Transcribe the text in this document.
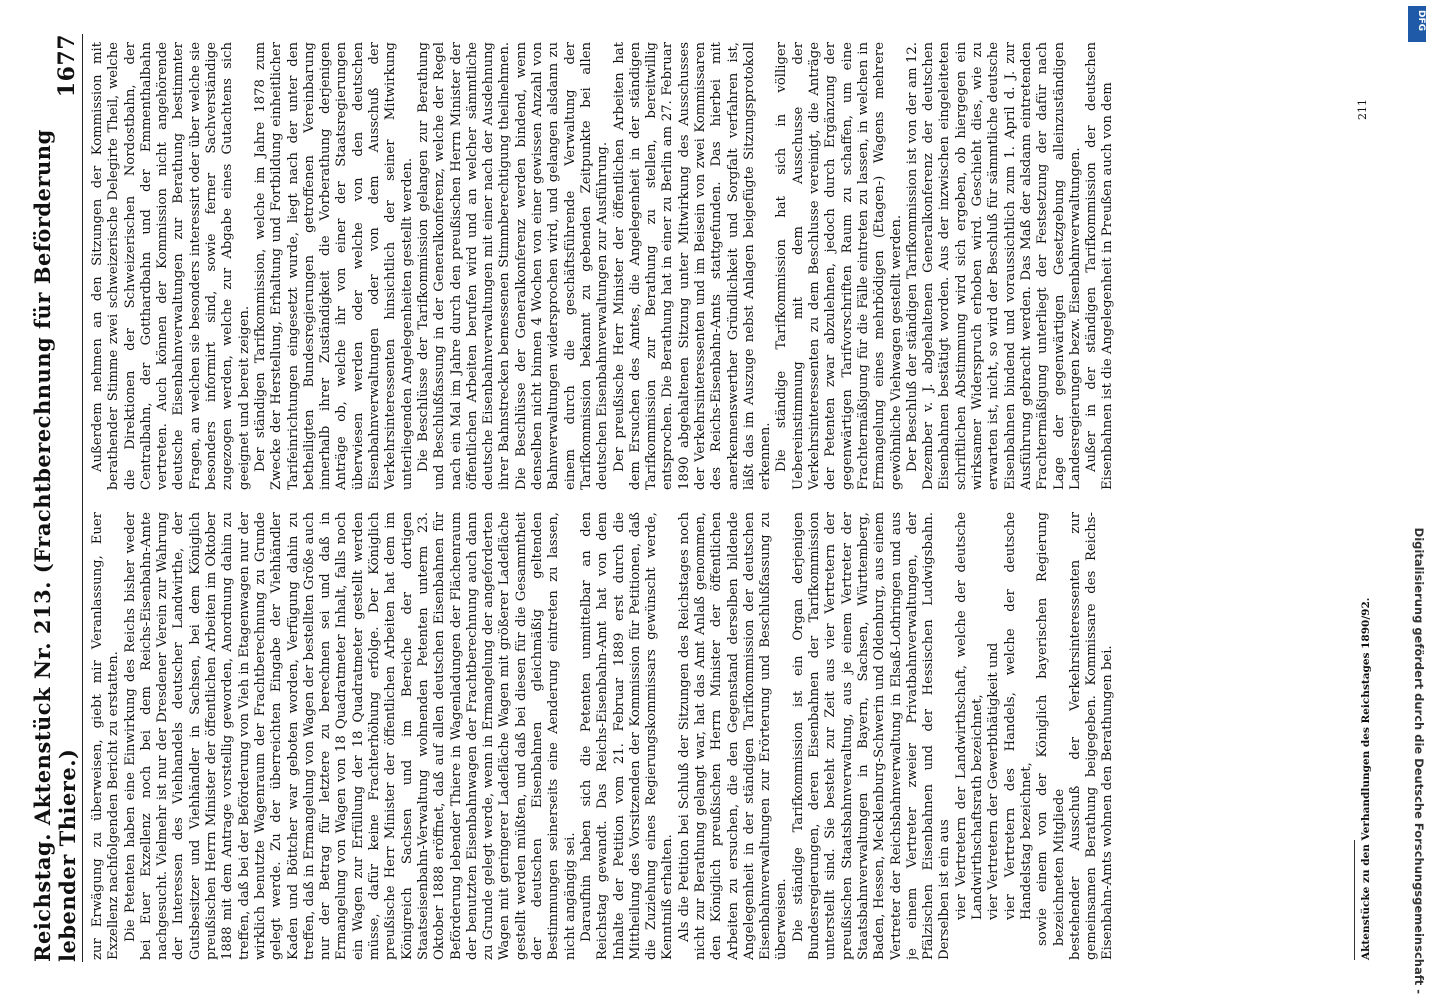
Reichstag. Aktenstück Nr. 213. (Frachtberechnung für Beförderung lebender Thiere.)
1677

zur Erwägung zu überweisen, giebt mir Veranlassung, Euer Exzellenz nachfolgenden Bericht zu erstatten. Die Petenten haben eine Einwirkung des Reichs bisher weder bei Euer Exzellenz noch bei dem Reichs-Eisenbahn-Amte nachgesucht. Vielmehr ist nur der Dresdener Verein zur Wahrung der Interessen des Viehhandels deutscher Landwirthe, der Gutsbesitzer und Viehhändler in Sachsen, bei dem Königlich preußischen Herrn Minister der öffentlichen Arbeiten im Oktober 1888 mit dem Antrage vorstellig geworden, Anordnung dahin zu treffen, daß bei der Beförderung von Vieh in Etagenwagen nur der wirklich benutzte Wagenraum der Frachtberechnung zu Grunde gelegt werde. Zu der überreichten Eingabe der Viehhändler Kaden und Böttcher war geboten worden, Verfügung dahin zu treffen, daß in Ermangelung von Wagen der bestellten Größe auch nur der Betrag für letztere zu berechnen sei und daß in Ermangelung von Wagen von 18 Quadratmeter Inhalt, falls noch ein Wagen zur Erfüllung der 18 Quadratmeter gestellt werden müsse, dafür keine Frachterhöhung erfolge. Der Königlich preußische Herr Minister der öffentlichen Arbeiten hat dem im Königreich Sachsen und im Bereiche der dortigen Staatseisenbahn-Verwaltung wohnenden Petenten unterm 23. Oktober 1888 eröffnet, daß auf allen deutschen Eisenbahnen für Beförderung lebender Thiere in Wagenladungen der Flächenraum der benutzten Eisenbahnwagen der Frachtberechnung auch dann zu Grunde gelegt werde, wenn in Ermangelung der angeforderten Wagen mit geringerer Ladefläche Wagen mit größerer Ladefläche gestellt werden müßten, und daß bei diesen für die Gesammtheit der deutschen Eisenbahnen gleichmäßig geltenden Bestimmungen seinerseits eine Aenderung eintreten zu lassen, nicht angängig sei. Daraufhin haben sich die Petenten unmittelbar an den Reichstag gewandt. Das Reichs-Eisenbahn-Amt hat von dem Inhalte der Petition vom 21. Februar 1889 erst durch die Mittheilung des Vorsitzenden der Kommission für Petitionen, daß die Zuziehung eines Regierungskommissars gewünscht werde, Kenntniß erhalten. Als die Petition bei Schluß der Sitzungen des Reichstages noch nicht zur Berathung gelangt war, hat das Amt Anlaß genommen, den Königlich preußischen Herrn Minister der öffentlichen Arbeiten zu ersuchen, die den Gegenstand derselben bildende Angelegenheit in der ständigen Tarifkommission der deutschen Eisenbahnverwaltungen zur Erörterung und Beschlußfassung zu überweisen. Die ständige Tarifkommission ist ein Organ derjenigen Bundesregierungen, deren Eisenbahnen der Tarifkommission unterstellt sind. Sie besteht zur Zeit aus vier Vertretern der preußischen Staatsbahnverwaltung, aus je einem Vertreter der Staatsbahnverwaltungen in Bayern, Sachsen, Württemberg, Baden, Hessen, Mecklenburg-Schwerin und Oldenburg, aus einem Vertreter der Reichsbahnverwaltung in Elsaß-Lothringen und aus je einem Vertreter zweier Privatbahnverwaltungen, der Pfälzischen Eisenbahnen und der Hessischen Ludwigsbahn. Derselben ist ein aus vier Vertretern der Landwirthschaft, welche der deutsche Landwirthschaftsrath bezeichnet, vier Vertretern der Gewerbthätigkeit und vier Vertretern des Handels, welche der deutsche Handelstag bezeichnet, sowie einem von der Königlich bayerischen Regierung bezeichneten Mitgliede bestehender Ausschuß der Verkehrsinteressenten zur gemeinsamen Berathung beigegeben. Kommissare des Reichs-Eisenbahn-Amts wohnen den Berathungen bei.

Außerdem nehmen an den Sitzungen der Kommission mit berathender Stimme zwei schweizerische Delegirte Theil, welche die Direktionen der Schweizerischen Nordostbahn, der Centralbahn, der Gotthardbahn und der Emmenthalbahn vertreten. Auch können der Kommission nicht angehörende deutsche Eisenbahnverwaltungen zur Berathung bestimmter Fragen, an welchen sie besonders interessirt oder über welche sie besonders informirt sind, sowie ferner Sachverständige zugezogen werden, welche zur Abgabe eines Gutachtens sich geeignet und bereit zeigen. Der ständigen Tarifkommission, welche im Jahre 1878 zum Zwecke der Herstellung, Erhaltung und Fortbildung einheitlicher Tarifeinrichtungen eingesetzt wurde, liegt nach der unter den betheiligten Bundesregierungen getroffenen Vereinbarung innerhalb ihrer Zuständigkeit die Vorberathung derjenigen Anträge ob, welche ihr von einer der Staatsregierungen überwiesen werden oder welche von den deutschen Eisenbahnverwaltungen oder von dem Ausschuß der Verkehrsinteressenten hinsichtlich der seiner Mitwirkung unterliegenden Angelegenheiten gestellt werden. Die Beschlüsse der Tarifkommission gelangen zur Berathung und Beschlußfassung in der Generalkonferenz, welche der Regel nach ein Mal im Jahre durch den preußischen Herrn Minister der öffentlichen Arbeiten berufen wird und an welcher sämmtliche deutsche Eisenbahnverwaltungen mit einer nach der Ausdehnung ihrer Bahnstrecken bemessenen Stimmberechtigung theilnehmen. Die Beschlüsse der Generalkonferenz werden bindend, wenn denselben nicht binnen 4 Wochen von einer gewissen Anzahl von Bahnverwaltungen widersprochen wird, und gelangen alsdann zu einem durch die geschäftsführende Verwaltung der Tarifkommission bekannt zu gebenden Zeitpunkte bei allen deutschen Eisenbahnverwaltungen zur Ausführung. Der preußische Herr Minister der öffentlichen Arbeiten hat dem Ersuchen des Amtes, die Angelegenheit in der ständigen Tarifkommission zur Berathung zu stellen, bereitwillig entsprochen. Die Berathung hat in einer zu Berlin am 27. Februar 1890 abgehaltenen Sitzung unter Mitwirkung des Ausschusses der Verkehrsinteressenten und im Beisein von zwei Kommissaren des Reichs-Eisenbahn-Amts stattgefunden. Das hierbei mit anerkennenswerther Gründlichkeit und Sorgfalt verfahren ist, läßt das im Auszuge nebst Anlagen beigefügte Sitzungsprotokoll erkennen. Die ständige Tarifkommission hat sich in völliger Uebereinstimmung mit dem Ausschusse der Verkehrsinteressenten zu dem Beschlusse vereinigt, die Anträge der Petenten zwar abzulehnen, jedoch durch Ergänzung der gegenwärtigen Tarifvorschriften Raum zu schaffen, um eine Frachtermäßigung für die Fälle eintreten zu lassen, in welchen in Ermangelung eines mehrbödigen (Etagen-) Wagens mehrere gewöhnliche Viehwagen gestellt werden. Der Beschluß der ständigen Tarifkommission ist von der am 12. Dezember v. J. abgehaltenen Generalkonferenz der deutschen Eisenbahnen bestätigt worden. Aus der inzwischen eingeleiteten schriftlichen Abstimmung wird sich ergeben, ob hiergegen ein wirksamer Widerspruch erhoben wird. Geschieht dies, wie zu erwarten ist, nicht, so wird der Beschluß für sämmtliche deutsche Eisenbahnen bindend und voraussichtlich zum 1. April d. J. zur Ausführung gebracht werden. Das Maß der alsdann eintretenden Frachtermäßigung unterliegt der Festsetzung der dafür nach Lage der gegenwärtigen Gesetzgebung alleinzuständigen Landesregierungen bezw. Eisenbahnverwaltungen. Außer in der ständigen Tarifkommission der deutschen Eisenbahnen ist die Angelegenheit in Preußen auch von dem

Aktenstücke zu den Verhandlungen des Reichstages 1890/92.
211
Digitalisierung gefördert durch die Deutsche Forschungsgemeinschaft -
DFG
